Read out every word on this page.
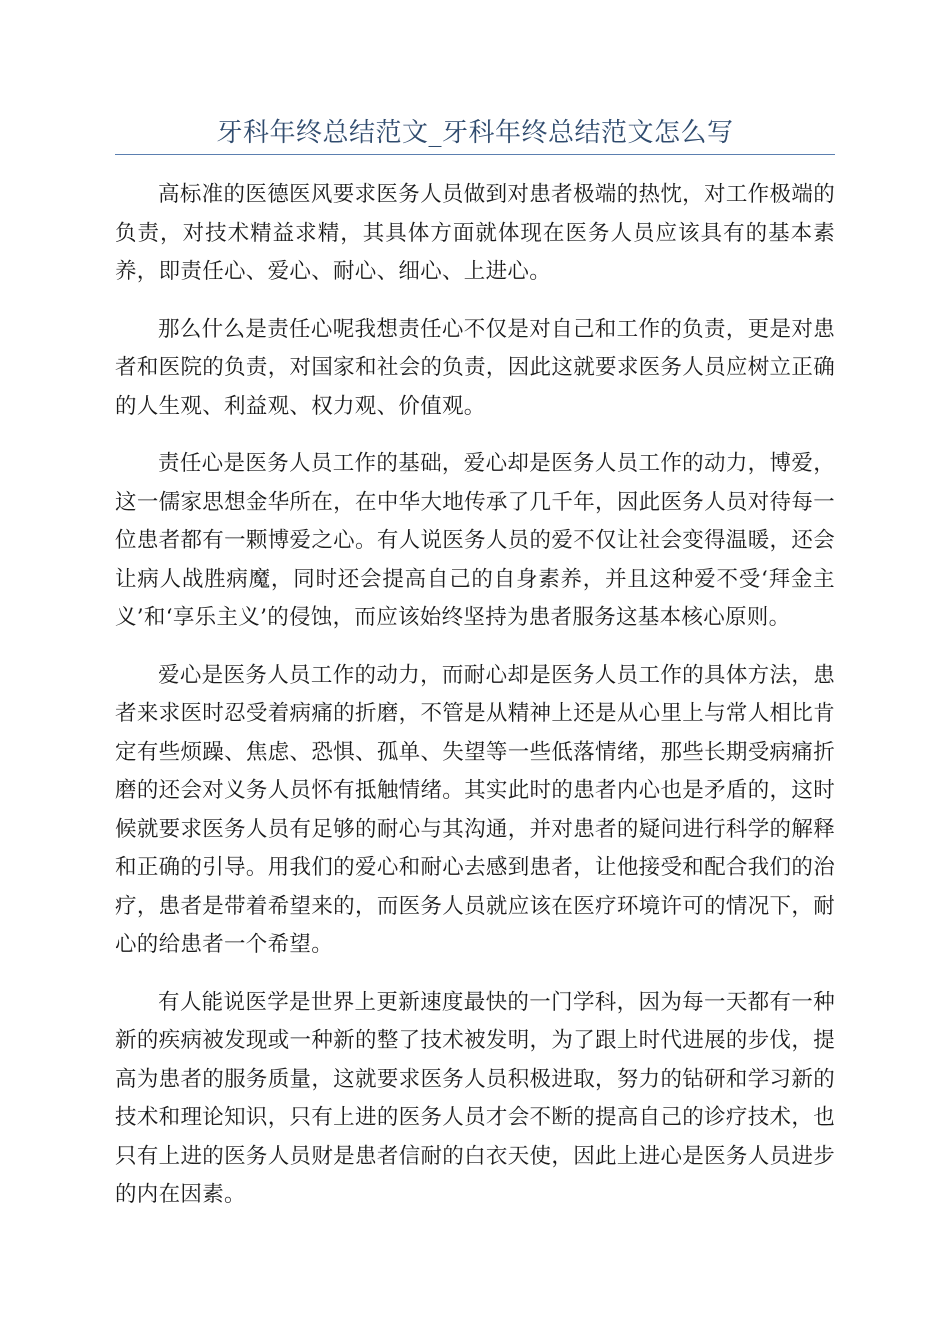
牙科年终总结范文_牙科年终总结范文怎么写

高标准的医德医风要求医务人员做到对患者极端的热忱，对工作极端的负责，对技术精益求精，其具体方面就体现在医务人员应该具有的基本素养，即责任心、爱心、耐心、细心、上进心。

那么什么是责任心呢我想责任心不仅是对自己和工作的负责，更是对患者和医院的负责，对国家和社会的负责，因此这就要求医务人员应树立正确的人生观、利益观、权力观、价值观。

责任心是医务人员工作的基础，爱心却是医务人员工作的动力，博爱，这一儒家思想金华所在，在中华大地传承了几千年，因此医务人员对待每一位患者都有一颗博爱之心。有人说医务人员的爱不仅让社会变得温暖，还会让病人战胜病魔，同时还会提高自己的自身素养，并且这种爱不受‘拜金主义’和‘享乐主义’的侵蚀，而应该始终坚持为患者服务这基本核心原则。

爱心是医务人员工作的动力，而耐心却是医务人员工作的具体方法，患者来求医时忍受着病痛的折磨，不管是从精神上还是从心里上与常人相比肯定有些烦躁、焦虑、恐惧、孤单、失望等一些低落情绪，那些长期受病痛折磨的还会对义务人员怀有抵触情绪。其实此时的患者内心也是矛盾的，这时候就要求医务人员有足够的耐心与其沟通，并对患者的疑问进行科学的解释和正确的引导。用我们的爱心和耐心去感到患者，让他接受和配合我们的治疗，患者是带着希望来的，而医务人员就应该在医疗环境许可的情况下，耐心的给患者一个希望。

有人能说医学是世界上更新速度最快的一门学科，因为每一天都有一种新的疾病被发现或一种新的整了技术被发明，为了跟上时代进展的步伐，提高为患者的服务质量，这就要求医务人员积极进取，努力的钻研和学习新的技术和理论知识，只有上进的医务人员才会不断的提高自己的诊疗技术，也只有上进的医务人员财是患者信耐的白衣天使，因此上进心是医务人员进步的内在因素。
